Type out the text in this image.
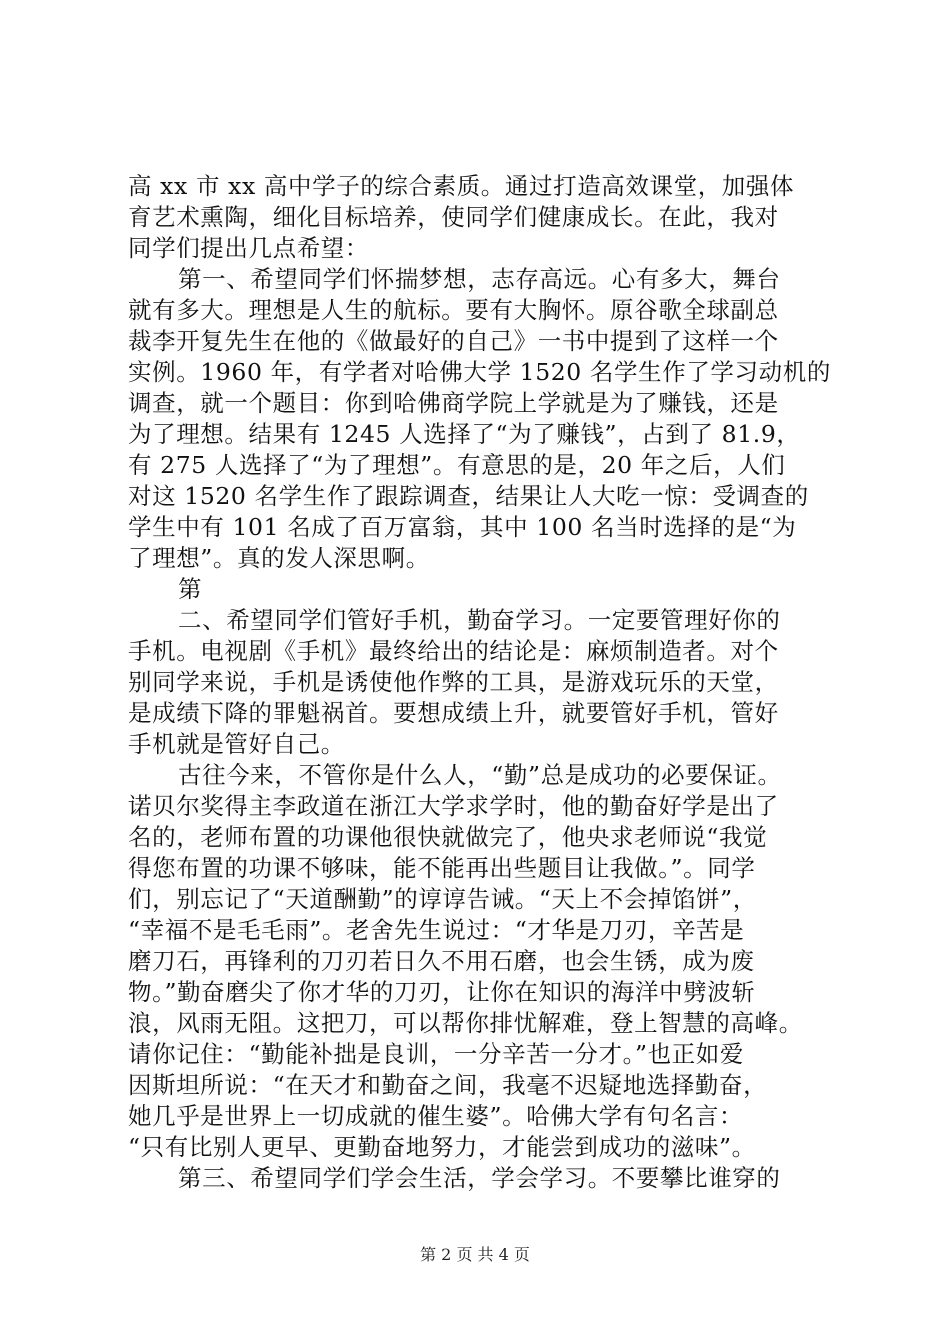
高 xx 市 xx 高中学子的综合素质。通过打造高效课堂，加强体
育艺术熏陶，细化目标培养，使同学们健康成长。在此，我对
同学们提出几点希望：
第一、希望同学们怀揣梦想，志存高远。心有多大，舞台
就有多大。理想是人生的航标。要有大胸怀。原谷歌全球副总
裁李开复先生在他的《做最好的自己》一书中提到了这样一个
实例。1960 年，有学者对哈佛大学 1520 名学生作了学习动机的
调查，就一个题目：你到哈佛商学院上学就是为了赚钱，还是
为了理想。结果有 1245 人选择了“为了赚钱”，占到了 81.9，
有 275 人选择了“为了理想”。有意思的是，20 年之后，人们
对这 1520 名学生作了跟踪调查，结果让人大吃一惊：受调查的
学生中有 101 名成了百万富翁，其中 100 名当时选择的是“为
了理想”。真的发人深思啊。
第
二、希望同学们管好手机，勤奋学习。一定要管理好你的
手机。电视剧《手机》最终给出的结论是：麻烦制造者。对个
别同学来说，手机是诱使他作弊的工具，是游戏玩乐的天堂，
是成绩下降的罪魁祸首。要想成绩上升，就要管好手机，管好
手机就是管好自己。
古往今来，不管你是什么人，“勤”总是成功的必要保证。
诺贝尔奖得主李政道在浙江大学求学时，他的勤奋好学是出了
名的，老师布置的功课他很快就做完了，他央求老师说“我觉
得您布置的功课不够味，能不能再出些题目让我做。”。同学
们，别忘记了“天道酬勤”的谆谆告诫。“天上不会掉馅饼”，
“幸福不是毛毛雨”。老舍先生说过：“才华是刀刃，辛苦是
磨刀石，再锋利的刀刃若日久不用石磨，也会生锈，成为废
物。”勤奋磨尖了你才华的刀刃，让你在知识的海洋中劈波斩
浪，风雨无阻。这把刀，可以帮你排忧解难，登上智慧的高峰。
请你记住：“勤能补拙是良训，一分辛苦一分才。”也正如爱
因斯坦所说：“在天才和勤奋之间，我毫不迟疑地选择勤奋，
她几乎是世界上一切成就的催生婆”。哈佛大学有句名言：
“只有比别人更早、更勤奋地努力，才能尝到成功的滋味”。
第三、希望同学们学会生活，学会学习。不要攀比谁穿的
第 2 页 共 4 页
